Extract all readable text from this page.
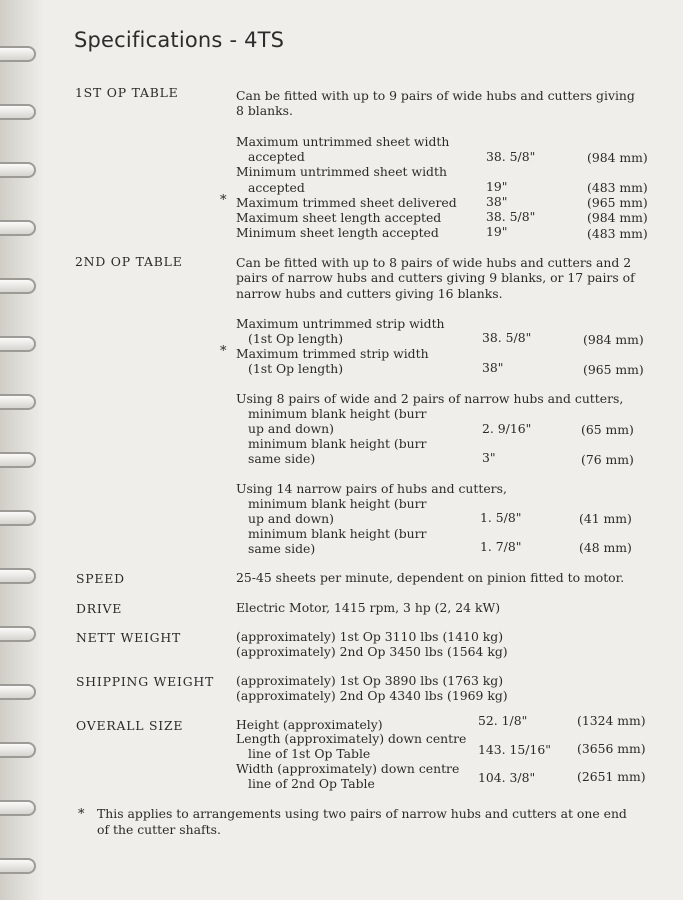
Specifications - 4TS
1ST OP TABLE	Can be fitted with up to 9 pairs of wide hubs and cutters giving
8 blanks.
Maximum untrimmed sheet width
accepted	38. 5/8"	(984 mm)
Minimum untrimmed sheet width
accepted	19"	(483 mm)
* Maximum trimmed sheet delivered 38"	(965 mm)
Maximum sheet length accepted	38. 5/8"	(984 mm)
Minimum sheet length accepted	19"	(483 mm)
2ND OP TABLE	Can be fitted with up to 8 pairs of wide hubs and cutters and 2
pairs of narrow hubs and cutters giving 9 blanks, or 17 pairs of
narrow hubs and cutters giving 16 blanks.
Maximum untrimmed strip width
(1st Op length)	38. 5/8"	(984 mm)
* Maximum trimmed strip width
(1st Op length)	38"	(965 mm)
Using 8 pairs of wide and 2 pairs of narrow hubs and cutters,
minimum blank height (burr
up and down)	2. 9/16"	(65 mm)
minimum blank height (burr
same side)	3"	(76 mm)
Using 14 narrow pairs of hubs and cutters,
minimum blank height (burr
up and down)	1. 5/8"	(41 mm)
minimum blank height (burr
same side)	1. 7/8"	(48 mm)
SPEED	25-45 sheets per minute, dependent on pinion fitted to motor.
DRIVE	Electric Motor, 1415 rpm, 3 hp (2, 24 kW)
NETT WEIGHT	(approximately) 1st Op 3110 lbs (1410 kg)
(approximately) 2nd Op 3450 lbs (1564 kg)
SHIPPING WEIGHT (approximately) 1st Op 3890 lbs (1763 kg)
(approximately) 2nd Op 4340 lbs (1969 kg)
OVERALL SIZE	Height (approximately)	52. 1/8"	(1324 mm)
Length (approximately) down centre
line of 1st Op Table	143. 15/16" (3656 mm)
Width (approximately) down centre
line of 2nd Op Table	104. 3/8"	(2651 mm)
* This applies to arrangements using two pairs of narrow hubs and cutters at one end
of the cutter shafts.
